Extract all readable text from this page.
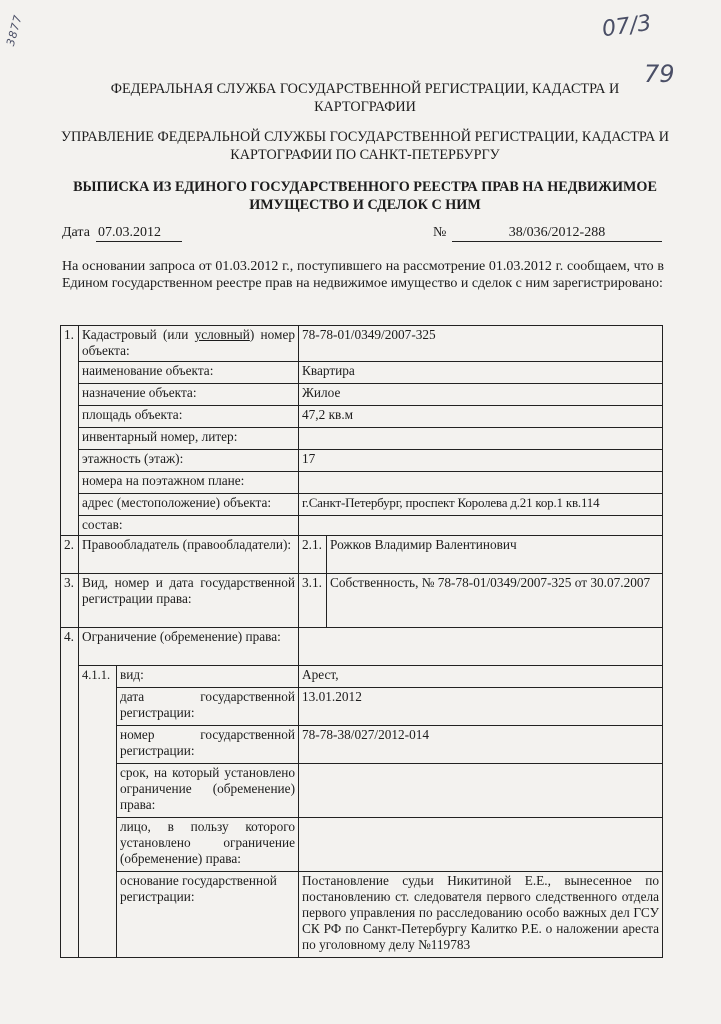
3877	07/3
79
ФЕДЕРАЛЬНАЯ СЛУЖБА ГОСУДАРСТВЕННОЙ РЕГИСТРАЦИИ, КАДАСТРА И КАРТОГРАФИИ
УПРАВЛЕНИЕ ФЕДЕРАЛЬНОЙ СЛУЖБЫ ГОСУДАРСТВЕННОЙ РЕГИСТРАЦИИ, КАДАСТРА И КАРТОГРАФИИ ПО САНКТ-ПЕТЕРБУРГУ
ВЫПИСКА ИЗ ЕДИНОГО ГОСУДАРСТВЕННОГО РЕЕСТРА ПРАВ НА НЕДВИЖИМОЕ ИМУЩЕСТВО И СДЕЛОК С НИМ
Дата 07.03.2012	№	38/036/2012-288
На основании запроса от 01.03.2012 г., поступившего на рассмотрение 01.03.2012 г. сообщаем, что в Едином государственном реестре прав на недвижимое имущество и сделок с ним зарегистрировано:
1.	Кадастровый (или условный) номер объекта:		78-78-01/0349/2007-325	
	наименование объекта:		Квартира	
	назначение объекта:		Жилое	
	площадь объекта:		47,2 кв.м	
	инвентарный номер, литер:			
	этажность (этаж):		17	
	номера на поэтажном плане:			
	адрес (местоположение) объекта:		г.Санкт-Петербург, проспект Королева д.21 кор.1 кв.114	
	состав:			
2.	Правообладатель (правообладатели):		2.1.	Рожков Владимир Валентинович
3.	Вид, номер и дата государственной регистрации права:		3.1.	Собственность, № 78-78-01/0349/2007-325 от 30.07.2007
4.	Ограничение (обременение) права:			
	4.1.1.	вид:	Арест,	
		дата государственной регистрации:	13.01.2012	
		номер государственной регистрации:	78-78-38/027/2012-014	
		срок, на который установлено ограничение (обременение) права:		
		лицо, в пользу которого установлено ограничение (обременение) права:		
		основание государственной регистрации:	Постановление судьи Никитиной Е.Е., вынесенное по постановлению ст. следователя первого следственного отдела первого управления по расследованию особо важных дел ГСУ СК РФ по Санкт-Петербургу Калитко Р.Е. о наложении ареста по уголовному делу №119783	
